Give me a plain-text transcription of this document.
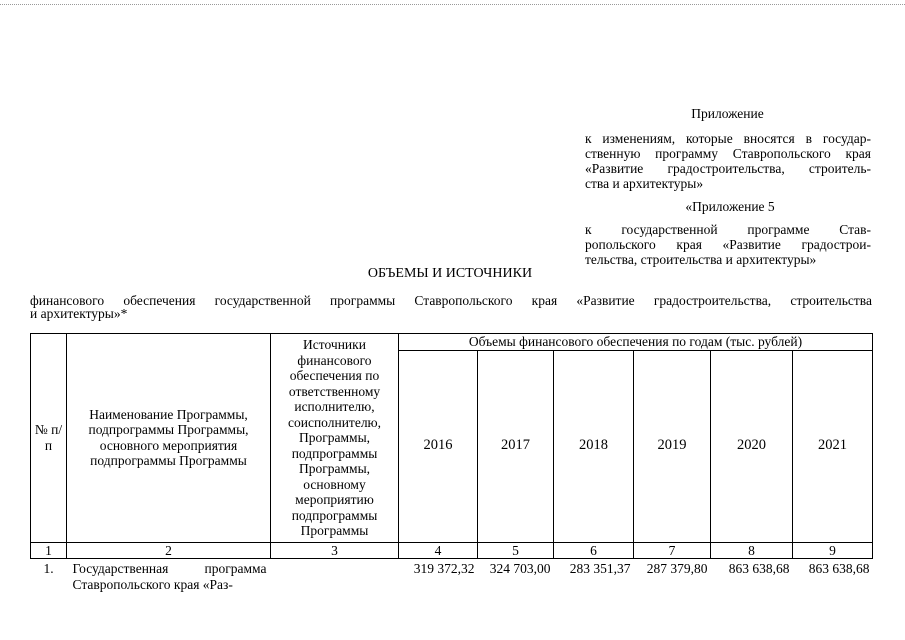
Приложение
к изменениям, которые вносятся в государ-
ственную программу Ставропольского края
«Развитие градостроительства, строитель-
ства и архитектуры»
«Приложение 5
к государственной программе Став-
ропольского края «Развитие градострои-
тельства, строительства и архитектуры»
ОБЪЕМЫ И ИСТОЧНИКИ
финансового обеспечения государственной программы Ставропольского края «Развитие градостроительства, строительства
и архитектуры»*
№ п/п	Наименование Программы, подпрограммы Программы, основного мероприятия подпрограммы Программы	Источники финансового обеспечения по ответственному исполнителю, соисполнителю, Программы, подпрограммы Программы, основному мероприятию подпрограммы Программы	Объемы финансового обеспечения по годам (тыс. рублей)					
			2016	2017	2018	2019	2020	2021
1	2	3	4	5	6	7	8	9
1.	Государственная программа Ставропольского края «Раз-		319 372,32	324 703,00	283 351,37	287 379,80	863 638,68	863 638,68
